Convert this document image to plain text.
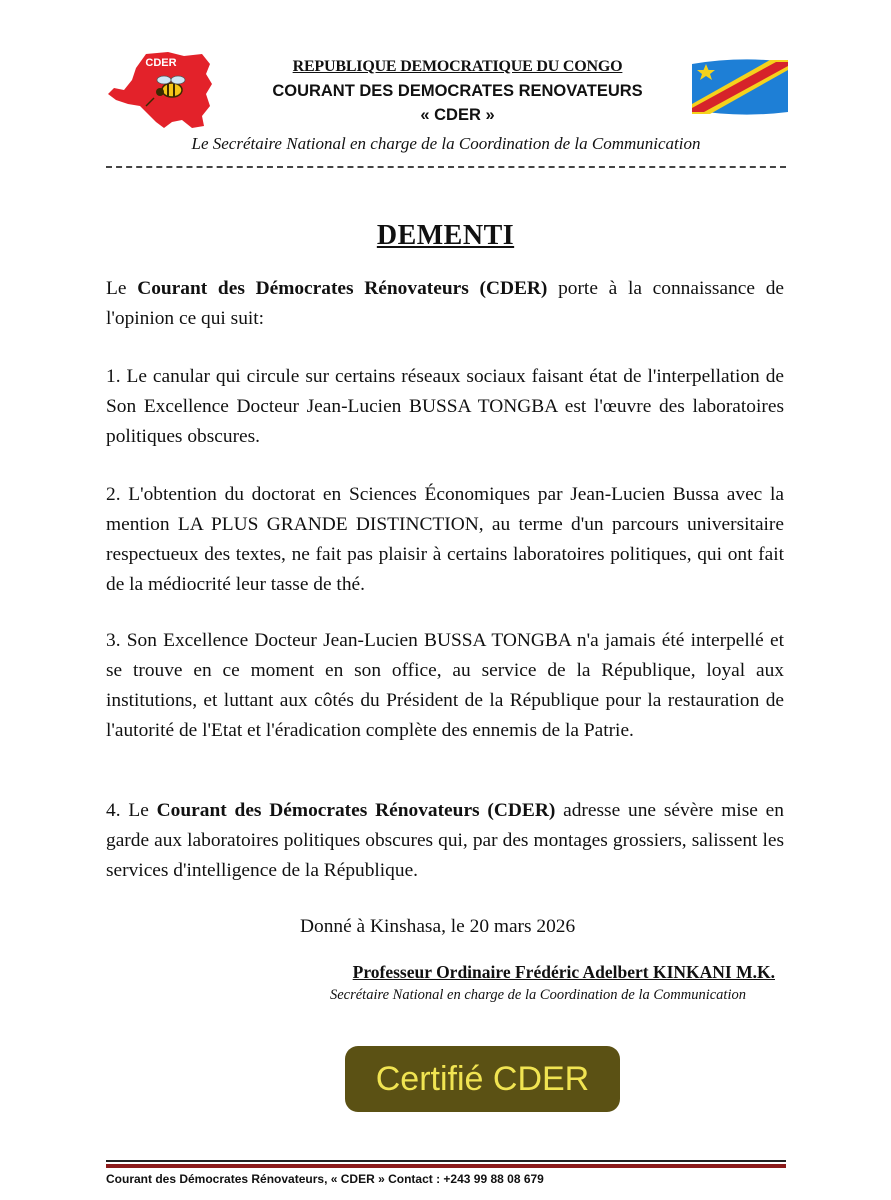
CDER	REPUBLIQUE DEMOCRATIQUE DU CONGO
COURANT DES DEMOCRATES RENOVATEURS
« CDER »
Le Secrétaire National en charge de la Coordination de la Communication
DEMENTI

Le Courant des Démocrates Rénovateurs (CDER) porte à la connaissance de l'opinion ce qui suit:

1. Le canular qui circule sur certains réseaux sociaux faisant état de l'interpellation de Son Excellence Docteur Jean-Lucien BUSSA TONGBA est l'œuvre des laboratoires politiques obscures.

2. L'obtention du doctorat en Sciences Économiques par Jean-Lucien Bussa avec la mention LA PLUS GRANDE DISTINCTION, au terme d'un parcours universitaire respectueux des textes, ne fait pas plaisir à certains laboratoires politiques, qui ont fait de la médiocrité leur tasse de thé.

3. Son Excellence Docteur Jean-Lucien BUSSA TONGBA n'a jamais été interpellé et se trouve en ce moment en son office, au service de la République, loyal aux institutions, et luttant aux côtés du Président de la République pour la restauration de l'autorité de l'Etat et l'éradication complète des ennemis de la Patrie.

4. Le Courant des Démocrates Rénovateurs (CDER) adresse une sévère mise en garde aux laboratoires politiques obscures qui, par des montages grossiers, salissent les services d'intelligence de la République.

Donné à Kinshasa, le 20 mars 2026

Professeur Ordinaire Frédéric Adelbert KINKANI M.K.
Secrétaire National en charge de la Coordination de la Communication
Certifié CDER
Courant des Démocrates Rénovateurs, « CDER » Contact : +243 99 88 08 679
